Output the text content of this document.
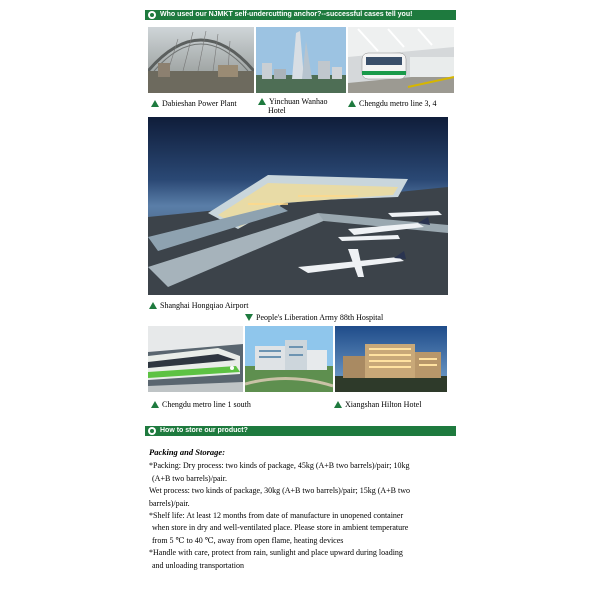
Who used our NJMKT self-undercutting anchor?--successful cases tell you!
Dabieshan Power Plant	Yinchuan Wanhao
Hotel
Chengdu metro line 3, 4
Shanghai Hongqiao Airport
People's Liberation Army 88th Hospital
Chengdu metro line 1 south	Xiangshan Hilton Hotel
How to store our product?

Packing and Storage:

*Packing: Dry process: two kinds of package, 45kg (A+B two barrels)/pair; 10kg

(A+B two barrels)/pair.

Wet process: two kinds of package, 30kg (A+B two barrels)/pair; 15kg (A+B two

barrels)/pair.

*Shelf life: At least 12 months from date of manufacture in unopened container

when store in dry and well-ventilated place. Please store in ambient temperature

from 5 ℃ to 40 ℃, away from open flame, heating devices

*Handle with care, protect from rain, sunlight and place upward during loading

and unloading transportation
